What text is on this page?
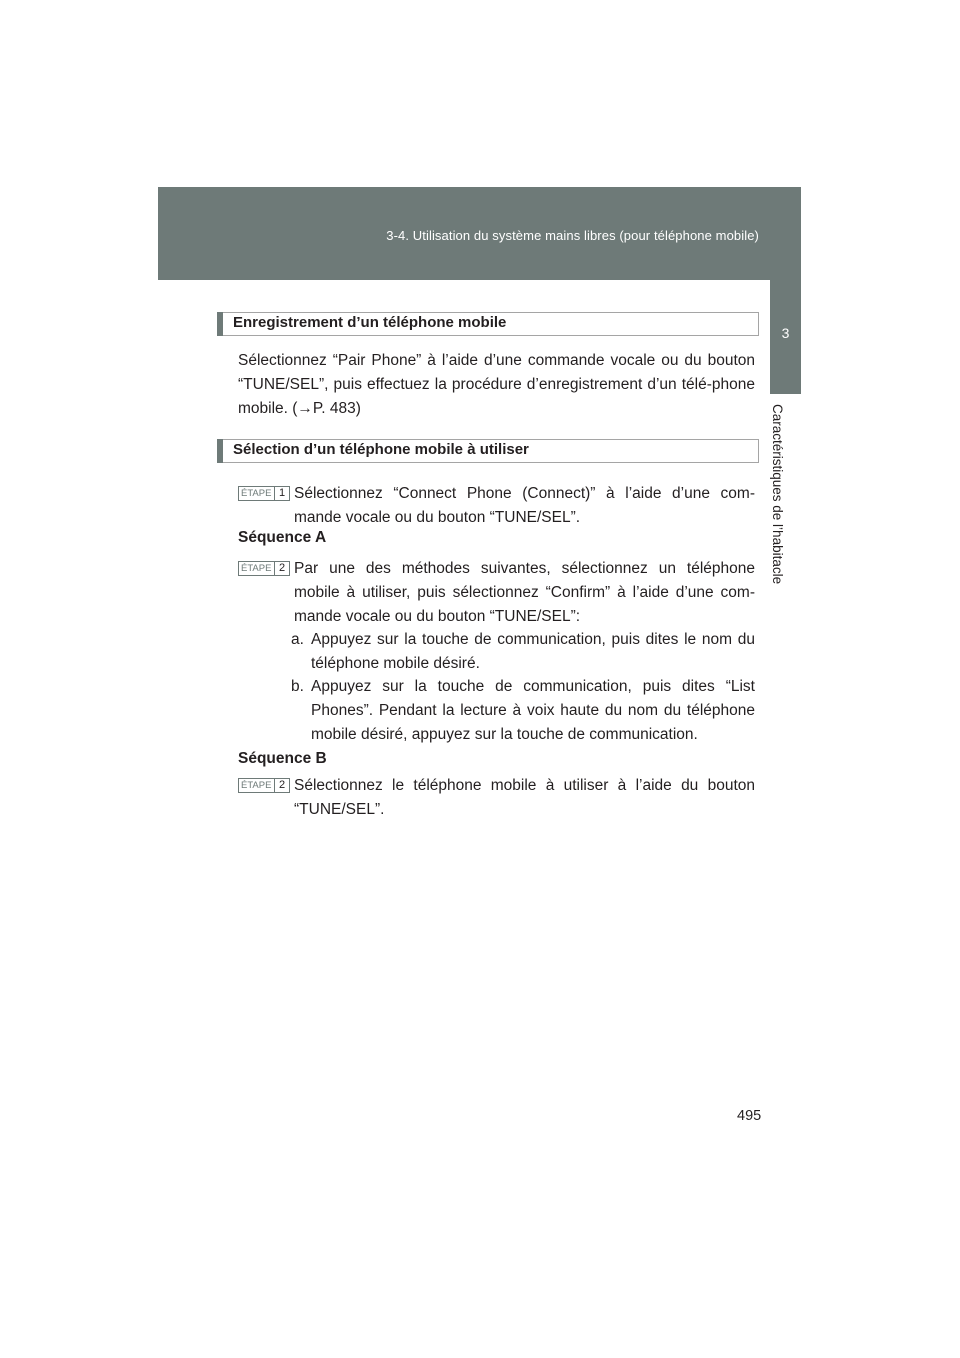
3-4. Utilisation du système mains libres (pour téléphone mobile)
3
Caractéristiques de l’habitacle
Enregistrement d’un téléphone mobile
Sélectionnez “Pair Phone” à l’aide d’une commande vocale ou du bouton “TUNE/SEL”, puis effectuez la procédure d’enregistrement d’un télé-phone mobile. (→P. 483)
Sélection d’un téléphone mobile à utiliser
ÉTAPE 1 Sélectionnez “Connect Phone (Connect)” à l’aide d’une com-mande vocale ou du bouton “TUNE/SEL”.
Séquence A
ÉTAPE 2 Par une des méthodes suivantes, sélectionnez un téléphone mobile à utiliser, puis sélectionnez “Confirm” à l’aide d’une com-mande vocale ou du bouton “TUNE/SEL”:
a. Appuyez sur la touche de communication, puis dites le nom du téléphone mobile désiré.
b. Appuyez sur la touche de communication, puis dites “List Phones”. Pendant la lecture à voix haute du nom du téléphone mobile désiré, appuyez sur la touche de communication.
Séquence B
ÉTAPE 2 Sélectionnez le téléphone mobile à utiliser à l’aide du bouton “TUNE/SEL”.
495
